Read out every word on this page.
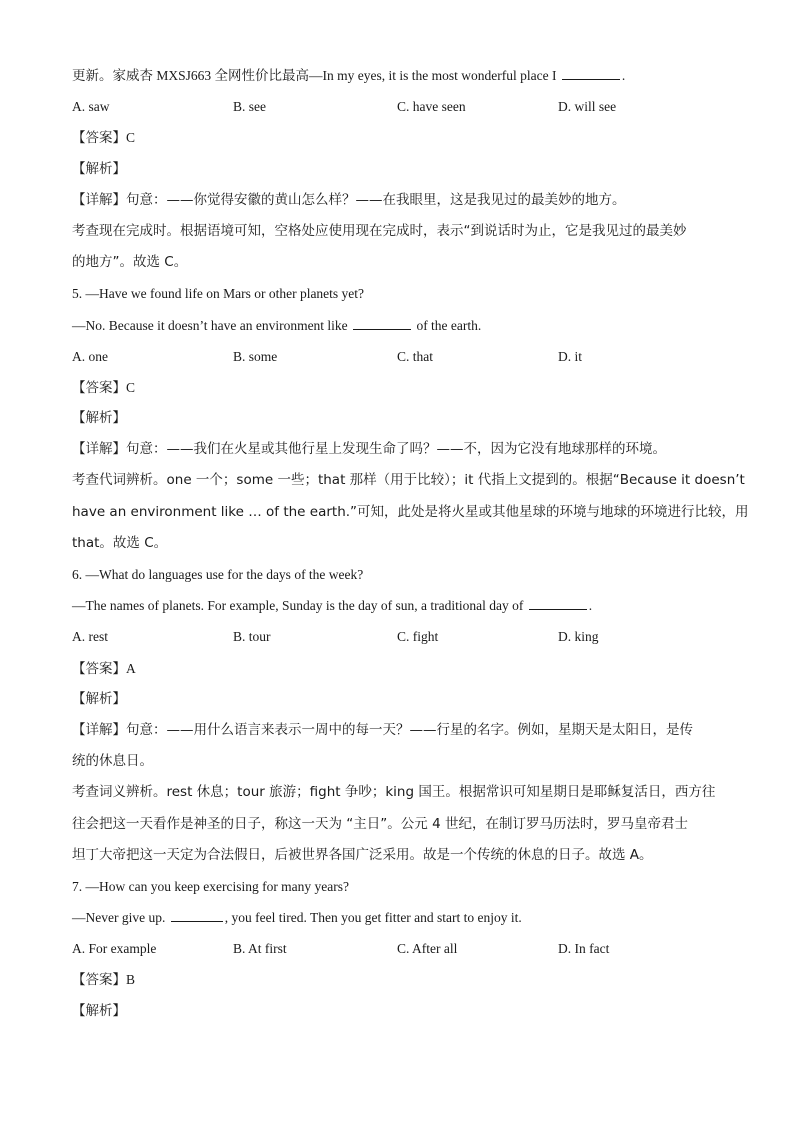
更新。家威杏 MXSJ663 全网性价比最高—In my eyes, it is the most wonderful place I	.
A. saw	B. see	C. have seen	D. will see
【答案】C
【解析】
【详解】句意：——你觉得安徽的黄山怎么样？——在我眼里，这是我见过的最美妙的地方。
考查现在完成时。根据语境可知，空格处应使用现在完成时，表示“到说话时为止，它是我见过的最美妙
的地方”。故选 C。
5. —Have we found life on Mars or other planets yet?
—No. Because it doesn’t have an environment like	of the earth.
A. one	B. some	C. that	D. it
【答案】C
【解析】
【详解】句意：——我们在火星或其他行星上发现生命了吗？——不，因为它没有地球那样的环境。
考查代词辨析。one 一个；some 一些；that 那样（用于比较）；it 代指上文提到的。根据“Because it doesn’t
have an environment like … of the earth.”可知，此处是将火星或其他星球的环境与地球的环境进行比较，用
that。故选 C。
6. —What do languages use for the days of the week?
—The names of planets. For example, Sunday is the day of sun, a traditional day of	.
A. rest	B. tour	C. fight	D. king
【答案】A
【解析】
【详解】句意：——用什么语言来表示一周中的每一天？——行星的名字。例如，星期天是太阳日，是传
统的休息日。
考查词义辨析。rest 休息；tour 旅游；fight 争吵；king 国王。根据常识可知星期日是耶稣复活日，西方往
往会把这一天看作是神圣的日子，称这一天为 “主日”。公元 4 世纪，在制订罗马历法时，罗马皇帝君士
坦丁大帝把这一天定为合法假日，后被世界各国广泛采用。故是一个传统的休息的日子。故选 A。
7. —How can you keep exercising for many years?
—Never give up.	, you feel tired. Then you get fitter and start to enjoy it.
A. For example	B. At first	C. After all	D. In fact
【答案】B
【解析】
